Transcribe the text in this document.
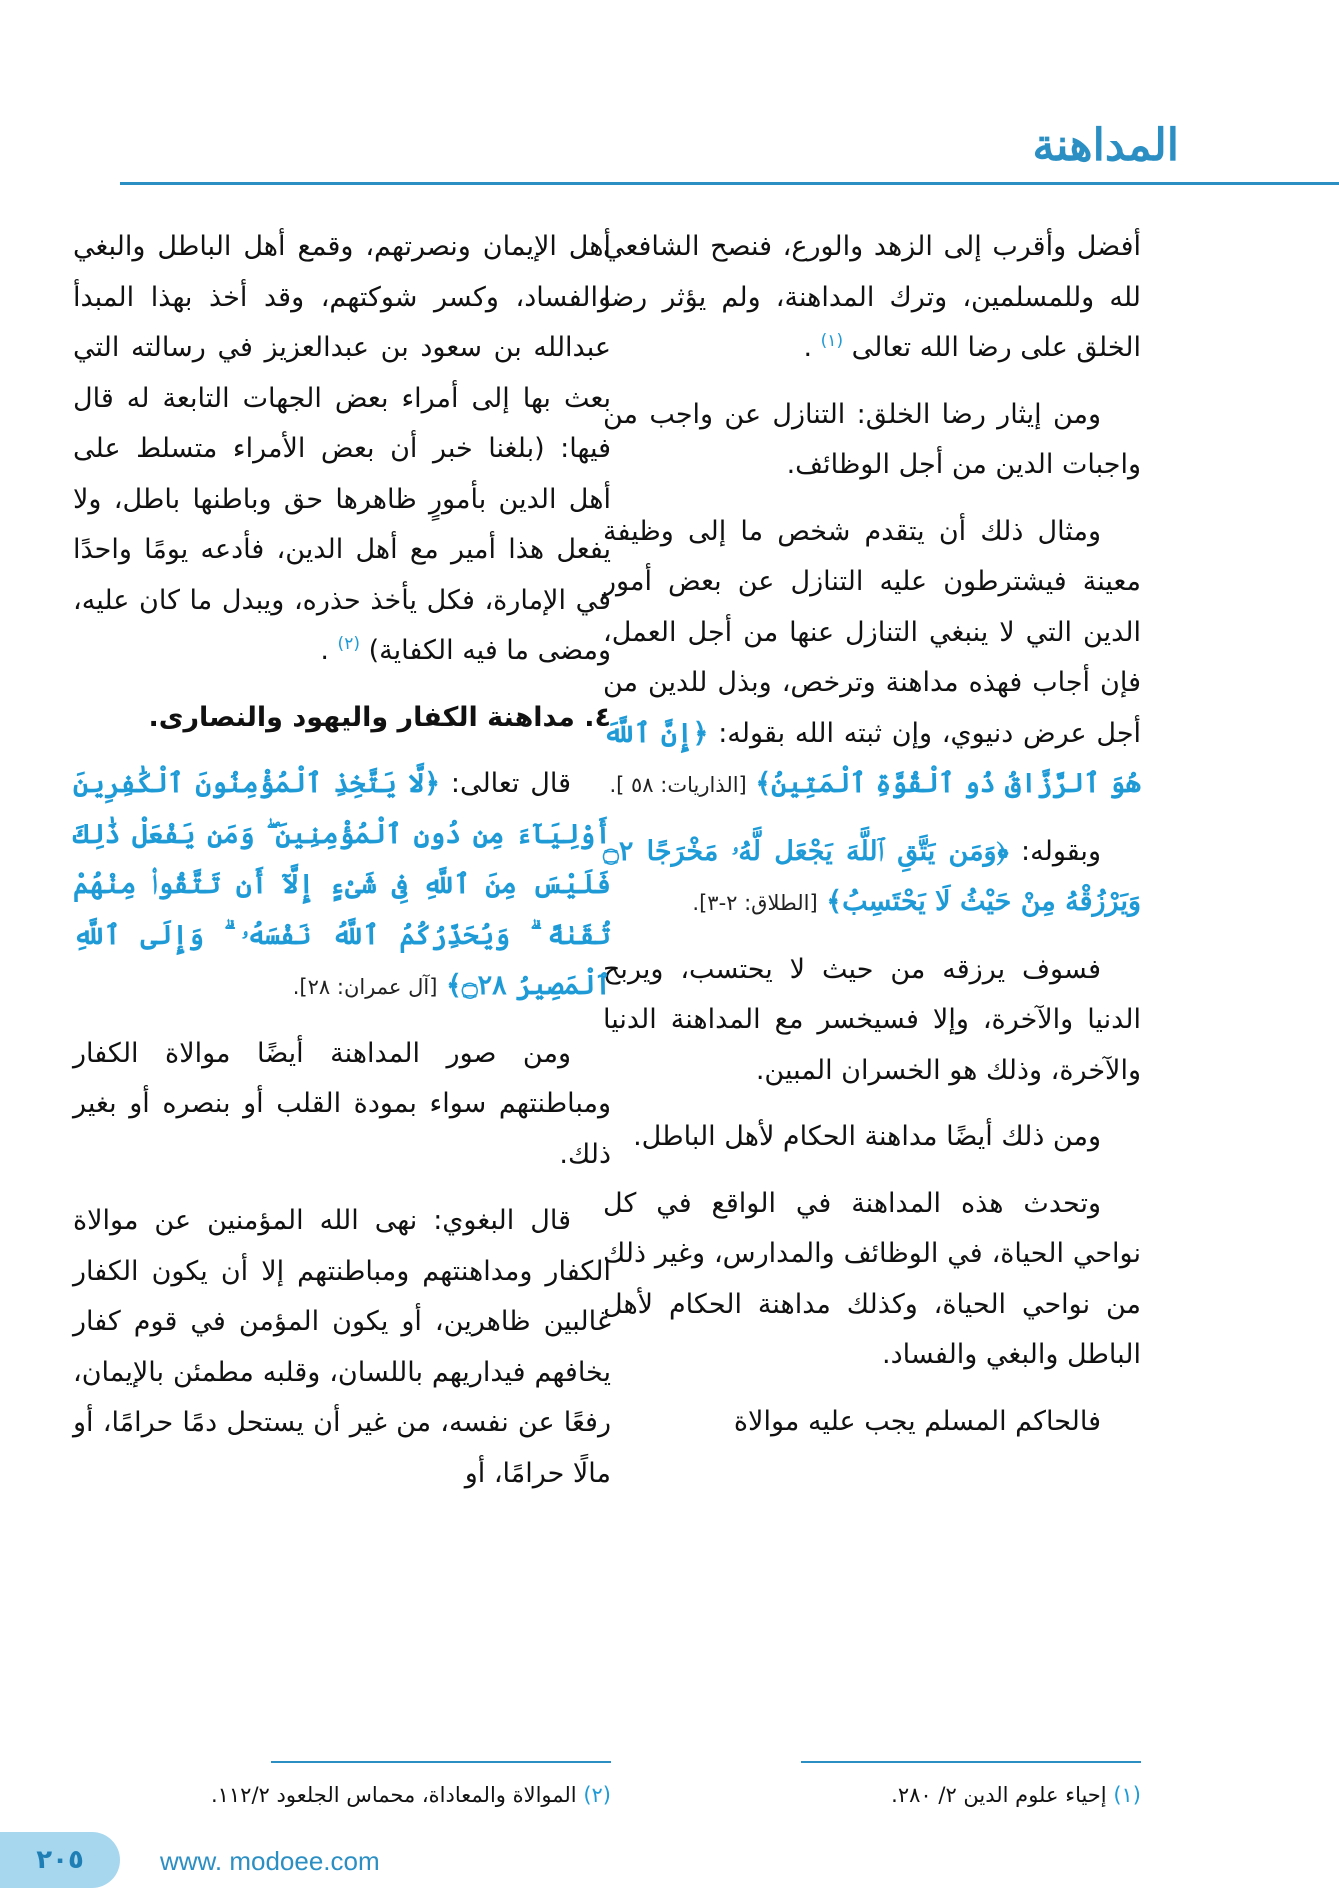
المداهنة

أفضل وأقرب إلى الزهد والورع، فنصح الشافعي لله وللمسلمين، وترك المداهنة، ولم يؤثر رضا الخلق على رضا الله تعالى $^{(١)}$ .

ومن إيثار رضا الخلق: التنازل عن واجب من واجبات الدين من أجل الوظائف.

ومثال ذلك أن يتقدم شخص ما إلى وظيفة معينة فيشترطون عليه التنازل عن بعض أمور الدين التي لا ينبغي التنازل عنها من أجل العمل، فإن أجاب فهذه مداهنة وترخص، وبذل للدين من أجل عرض دنيوي، وإن ثبته الله بقوله: ﴿إِنَّ ٱللَّهَ هُوَ ٱلرَّزَّاقُ ذُو ٱلْقُوَّةِ ٱلْمَتِينُ﴾ [الذاريات: ٥٨ ].

وبقوله: ﴿وَمَن يَتَّقِ ٱللَّهَ يَجْعَل لَّهُۥ مَخْرَجًا ۝٢ وَيَرْزُقْهُ مِنْ حَيْثُ لَا يَحْتَسِبُ﴾ [الطلاق: ٢-٣].

فسوف يرزقه من حيث لا يحتسب، ويربح الدنيا والآخرة، وإلا فسيخسر مع المداهنة الدنيا والآخرة، وذلك هو الخسران المبين.

ومن ذلك أيضًا مداهنة الحكام لأهل الباطل.

وتحدث هذه المداهنة في الواقع في كل نواحي الحياة، في الوظائف والمدارس، وغير ذلك من نواحي الحياة، وكذلك مداهنة الحكام لأهل الباطل والبغي والفساد.

فالحاكم المسلم يجب عليه موالاة

أهل الإيمان ونصرتهم، وقمع أهل الباطل والبغي والفساد، وكسر شوكتهم، وقد أخذ بهذا المبدأ عبدالله بن سعود بن عبدالعزيز في رسالته التي بعث بها إلى أمراء بعض الجهات التابعة له قال فيها: (بلغنا خبر أن بعض الأمراء متسلط على أهل الدين بأمورٍ ظاهرها حق وباطنها باطل، ولا يفعل هذا أمير مع أهل الدين، فأدعه يومًا واحدًا في الإمارة، فكل يأخذ حذره، ويبدل ما كان عليه، ومضى ما فيه الكفاية) $^{(٢)}$ .

٤. مداهنة الكفار واليهود والنصارى.

قال تعالى: ﴿لَّا يَتَّخِذِ ٱلْمُؤْمِنُونَ ٱلْكَٰفِرِينَ أَوْلِيَآءَ مِن دُونِ ٱلْمُؤْمِنِينَ ۖ وَمَن يَفْعَلْ ذَٰلِكَ فَلَيْسَ مِنَ ٱللَّهِ فِى شَىْءٍ إِلَّآ أَن تَتَّقُوا۟ مِنْهُمْ تُقَىٰةً ۗ وَيُحَذِّرُكُمُ ٱللَّهُ نَفْسَهُۥ ۗ وَإِلَى ٱللَّهِ ٱلْمَصِيرُ ۝٢٨﴾ [آل عمران: ٢٨].

ومن صور المداهنة أيضًا موالاة الكفار ومباطنتهم سواء بمودة القلب أو بنصره أو بغير ذلك.

قال البغوي: نهى الله المؤمنين عن موالاة الكفار ومداهنتهم ومباطنتهم إلا أن يكون الكفار غالبين ظاهرين، أو يكون المؤمن في قوم كفار يخافهم فيداريهم باللسان، وقلبه مطمئن بالإيمان، رفعًا عن نفسه، من غير أن يستحل دمًا حرامًا، أو مالًا حرامًا، أو

(١) إحياء علوم الدين ٢/ ٢٨٠.
(٢) الموالاة والمعاداة، محماس الجلعود ١١٢/٢.
٢٠٥	www. modoee.com
